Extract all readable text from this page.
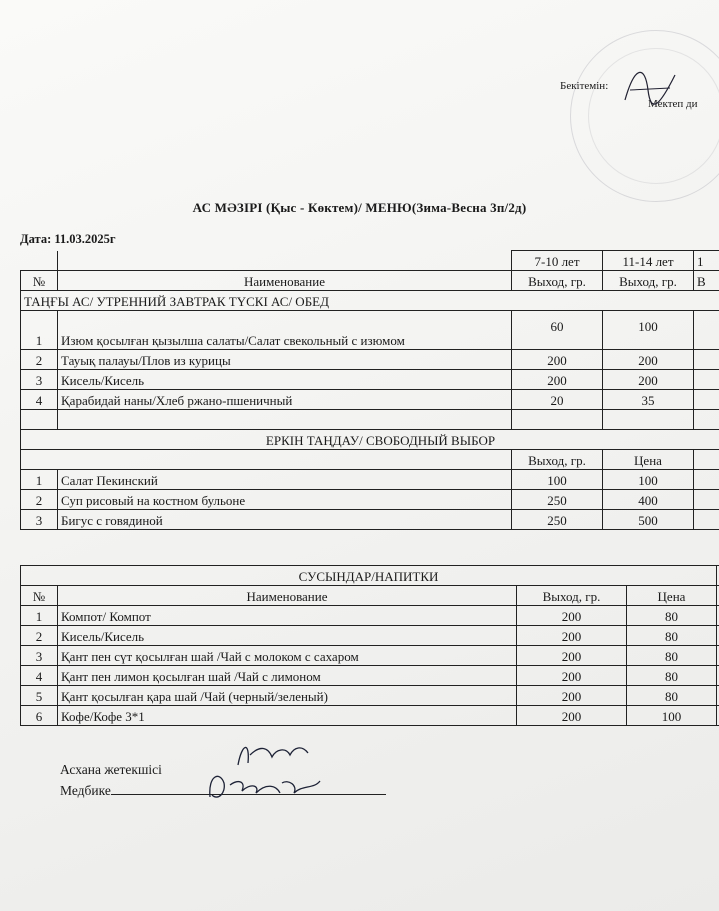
Бекітемін:
Мектеп ди
АС МӘЗІРІ (Қыс - Көктем)/ МЕНЮ(Зима-Весна 3п/2д)
Дата: 11.03.2025г
		7-10 лет	11-14 лет	1
№	Наименование	Выход, гр.	Выход, гр.	В
ТАҢҒЫ АС/ УТРЕННИЙ ЗАВТРАК ТҮСКІ АС/ ОБЕД				
1	Изюм қосылған қызылша салаты/Салат свекольный с изюмом	60	100	
2	Тауық палауы/Плов из курицы	200	200	
3	Кисель/Кисель	200	200	
4	Қарабидай наны/Хлеб ржано-пшеничный	20	35	

ЕРКІН ТАҢДАУ/ СВОБОДНЫЙ ВЫБОР				
		Выход, гр.	Цена	
1	Салат Пекинский	100	100	
2	Суп рисовый на костном бульоне	250	400	
3	Бигус с говядиной	250	500	
СУСЫНДАР/НАПИТКИ				
№	Наименование	Выход, гр.	Цена	
1	Компот/ Компот	200	80	
2	Кисель/Кисель	200	80	
3	Қант пен сүт қосылған шай /Чай с молоком с сахаром	200	80	
4	Қант пен лимон қосылған шай /Чай с лимоном	200	80	
5	Қант қосылған қара шай /Чай (черный/зеленый)	200	80	
6	Кофе/Кофе 3*1	200	100	
Асхана жетекшісі
Медбике
